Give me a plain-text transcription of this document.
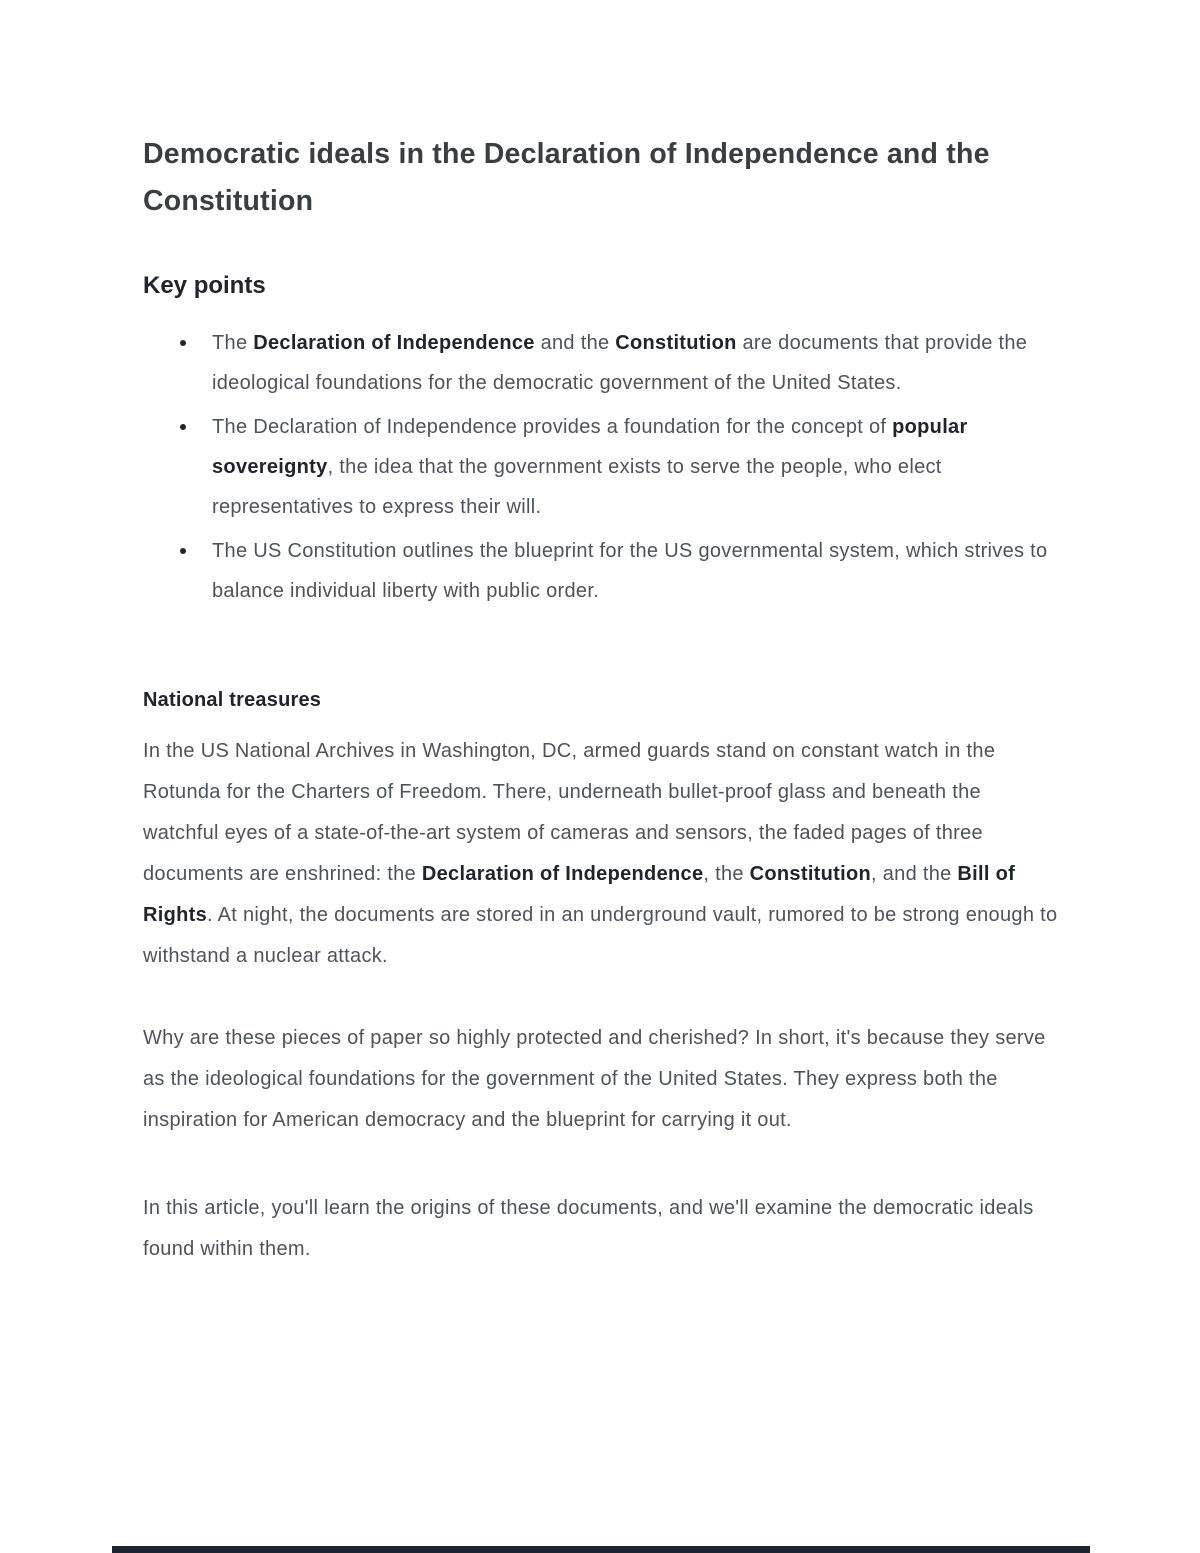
Democratic ideals in the Declaration of Independence and the Constitution
Key points
The Declaration of Independence and the Constitution are documents that provide the ideological foundations for the democratic government of the United States.
The Declaration of Independence provides a foundation for the concept of popular sovereignty, the idea that the government exists to serve the people, who elect representatives to express their will.
The US Constitution outlines the blueprint for the US governmental system, which strives to balance individual liberty with public order.
National treasures

In the US National Archives in Washington, DC, armed guards stand on constant watch in the Rotunda for the Charters of Freedom. There, underneath bullet-proof glass and beneath the watchful eyes of a state-of-the-art system of cameras and sensors, the faded pages of three documents are enshrined: the Declaration of Independence, the Constitution, and the Bill of Rights. At night, the documents are stored in an underground vault, rumored to be strong enough to withstand a nuclear attack.

Why are these pieces of paper so highly protected and cherished? In short, it's because they serve as the ideological foundations for the government of the United States. They express both the inspiration for American democracy and the blueprint for carrying it out.

In this article, you'll learn the origins of these documents, and we'll examine the democratic ideals found within them.
